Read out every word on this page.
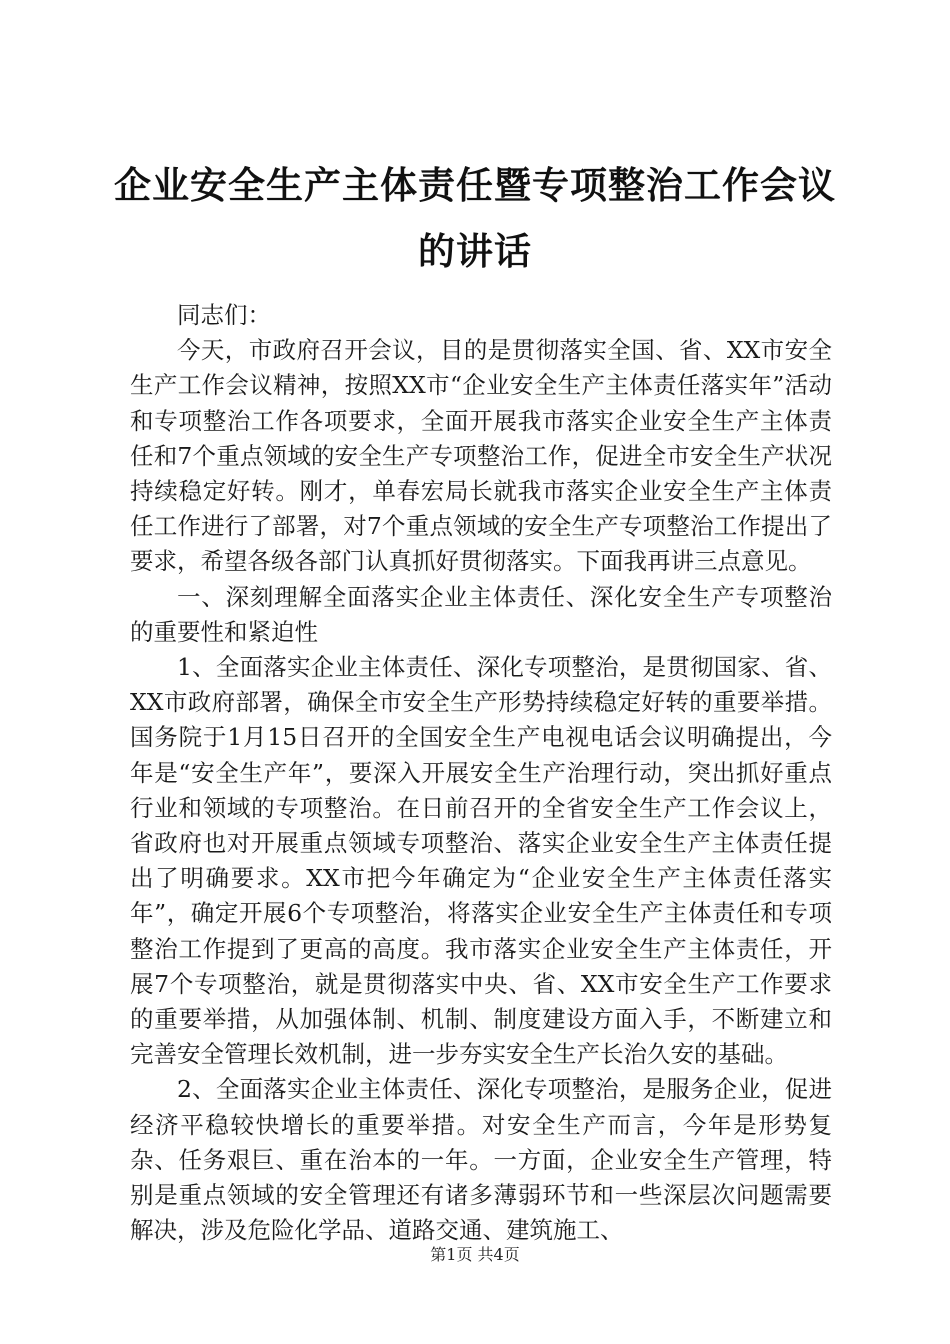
企业安全生产主体责任暨专项整治工作会议的讲话

同志们：

今天，市政府召开会议，目的是贯彻落实全国、省、XX市安全生产工作会议精神，按照XX市“企业安全生产主体责任落实年”活动和专项整治工作各项要求，全面开展我市落实企业安全生产主体责任和7个重点领域的安全生产专项整治工作，促进全市安全生产状况持续稳定好转。刚才，单春宏局长就我市落实企业安全生产主体责任工作进行了部署，对7个重点领域的安全生产专项整治工作提出了要求，希望各级各部门认真抓好贯彻落实。下面我再讲三点意见。

一、深刻理解全面落实企业主体责任、深化安全生产专项整治的重要性和紧迫性

1、全面落实企业主体责任、深化专项整治，是贯彻国家、省、XX市政府部署，确保全市安全生产形势持续稳定好转的重要举措。国务院于1月15日召开的全国安全生产电视电话会议明确提出，今年是“安全生产年”，要深入开展安全生产治理行动，突出抓好重点行业和领域的专项整治。在日前召开的全省安全生产工作会议上，省政府也对开展重点领域专项整治、落实企业安全生产主体责任提出了明确要求。XX市把今年确定为“企业安全生产主体责任落实年”，确定开展6个专项整治，将落实企业安全生产主体责任和专项整治工作提到了更高的高度。我市落实企业安全生产主体责任，开展7个专项整治，就是贯彻落实中央、省、XX市安全生产工作要求的重要举措，从加强体制、机制、制度建设方面入手，不断建立和完善安全管理长效机制，进一步夯实安全生产长治久安的基础。

2、全面落实企业主体责任、深化专项整治，是服务企业，促进经济平稳较快增长的重要举措。对安全生产而言，今年是形势复杂、任务艰巨、重在治本的一年。一方面，企业安全生产管理，特别是重点领域的安全管理还有诸多薄弱环节和一些深层次问题需要解决，涉及危险化学品、道路交通、建筑施工、

第1页 共4页
